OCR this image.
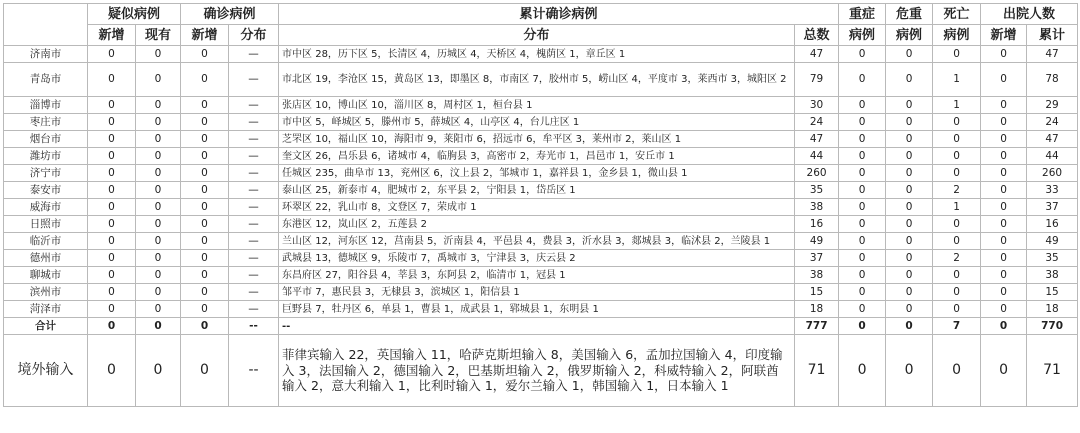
	疑似病例		确诊病例		累计确诊病例		重症	危重	死亡	出院人数	
	新增	现有	新增	分布	分布	总数	病例	病例	病例	新增	累计
济南市	0	0	0	—	市中区 28，历下区 5，长清区 4，历城区 4，天桥区 4，槐荫区 1，章丘区 1	47	0	0	0	0	47
青岛市	0	0	0	—	市北区 19，李沧区 15，黄岛区 13，即墨区 8，市南区 7，胶州市 5，崂山区 4，平度市 3，莱西市 3，城阳区 2	79	0	0	1	0	78
淄博市	0	0	0	—	张店区 10，博山区 10，淄川区 8，周村区 1，桓台县 1	30	0	0	1	0	29
枣庄市	0	0	0	—	市中区 5，峄城区 5，滕州市 5，薛城区 4，山亭区 4，台儿庄区 1	24	0	0	0	0	24
烟台市	0	0	0	—	芝罘区 10，福山区 10，海阳市 9，莱阳市 6，招远市 6，牟平区 3，莱州市 2，莱山区 1	47	0	0	0	0	47
潍坊市	0	0	0	—	奎文区 26，昌乐县 6，诸城市 4，临朐县 3，高密市 2，寿光市 1，昌邑市 1，安丘市 1	44	0	0	0	0	44
济宁市	0	0	0	—	任城区 235，曲阜市 13，兖州区 6，汶上县 2，邹城市 1，嘉祥县 1，金乡县 1，微山县 1	260	0	0	0	0	260
泰安市	0	0	0	—	泰山区 25，新泰市 4，肥城市 2，东平县 2，宁阳县 1，岱岳区 1	35	0	0	2	0	33
威海市	0	0	0	—	环翠区 22，乳山市 8，文登区 7，荣成市 1	38	0	0	1	0	37
日照市	0	0	0	—	东港区 12，岚山区 2，五莲县 2	16	0	0	0	0	16
临沂市	0	0	0	—	兰山区 12，河东区 12，莒南县 5，沂南县 4，平邑县 4，费县 3，沂水县 3，郯城县 3，临沭县 2，兰陵县 1	49	0	0	0	0	49
德州市	0	0	0	—	武城县 13，德城区 9，乐陵市 7，禹城市 3，宁津县 3，庆云县 2	37	0	0	2	0	35
聊城市	0	0	0	—	东昌府区 27，阳谷县 4，莘县 3，东阿县 2，临清市 1，冠县 1	38	0	0	0	0	38
滨州市	0	0	0	—	邹平市 7，惠民县 3，无棣县 3，滨城区 1，阳信县 1	15	0	0	0	0	15
菏泽市	0	0	0	—	巨野县 7，牡丹区 6，单县 1，曹县 1，成武县 1，郓城县 1，东明县 1	18	0	0	0	0	18
合计	0	0	0	--	--	777	0	0	7	0	770
境外输入	0	0	0	--	菲律宾输入 22，英国输入 11，哈萨克斯坦输入 8，美国输入 6，孟加拉国输入 4，印度输入 3，法国输入 2，德国输入 2，巴基斯坦输入 2，俄罗斯输入 2，科威特输入 2，阿联酋输入 2，意大利输入 1，比利时输入 1，爱尔兰输入 1，韩国输入 1，日本输入 1	71	0	0	0	0	71
